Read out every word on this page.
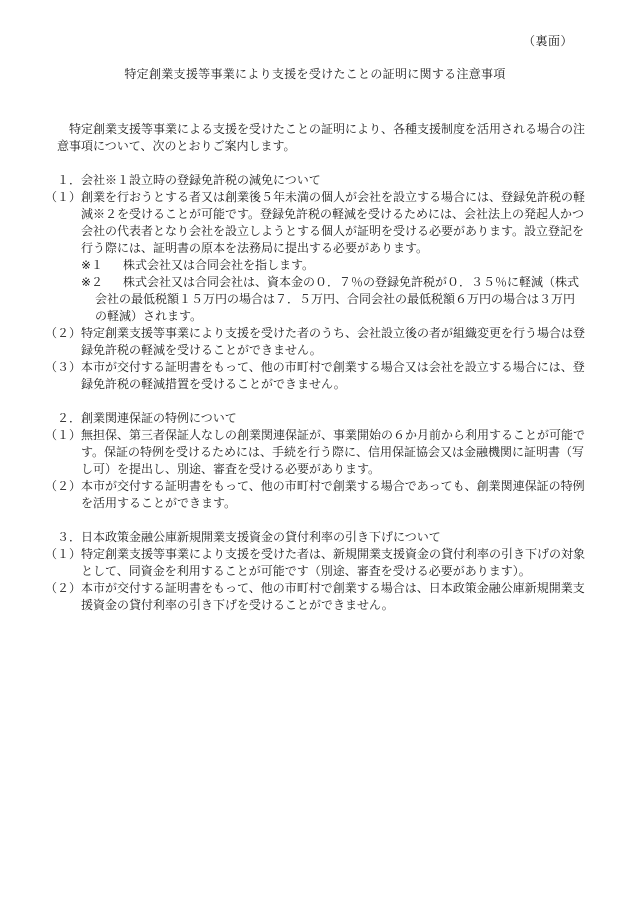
（裏面）
特定創業支援等事業により支援を受けたことの証明に関する注意事項

特定創業支援等事業による支援を受けたことの証明により、各種支援制度を活用される場合の注意事項について、次のとおりご案内します。

１．会社※１設立時の登録免許税の減免について

（１） 創業を行おうとする者又は創業後５年未満の個人が会社を設立する場合には、登録免許税の軽減※２を受けることが可能です。登録免許税の軽減を受けるためには、会社法上の発起人かつ会社の代表者となり会社を設立しようとする個人が証明を受ける必要があります。設立登記を行う際には、証明書の原本を法務局に提出する必要があります。

※１ 株式会社又は合同会社を指します。

※２	株式会社又は合同会社は、資本金の０．７％の登録免許税が０．３５％に軽減（株式会社の最低税額１５万円の場合は７．５万円、合同会社の最低税額６万円の場合は３万円の軽減）されます。

（２） 特定創業支援等事業により支援を受けた者のうち、会社設立後の者が組織変更を行う場合は登録免許税の軽減を受けることができません。

（３） 本市が交付する証明書をもって、他の市町村で創業する場合又は会社を設立する場合には、登録免許税の軽減措置を受けることができません。

２．創業関連保証の特例について

（１） 無担保、第三者保証人なしの創業関連保証が、事業開始の６か月前から利用することが可能です。保証の特例を受けるためには、手続を行う際に、信用保証協会又は金融機関に証明書（写し可）を提出し、別途、審査を受ける必要があります。

（２） 本市が交付する証明書をもって、他の市町村で創業する場合であっても、創業関連保証の特例を活用することができます。

３．日本政策金融公庫新規開業支援資金の貸付利率の引き下げについて

（１） 特定創業支援等事業により支援を受けた者は、新規開業支援資金の貸付利率の引き下げの対象として、同資金を利用することが可能です（別途、審査を受ける必要があります）。

（２） 本市が交付する証明書をもって、他の市町村で創業する場合は、日本政策金融公庫新規開業支援資金の貸付利率の引き下げを受けることができません。
